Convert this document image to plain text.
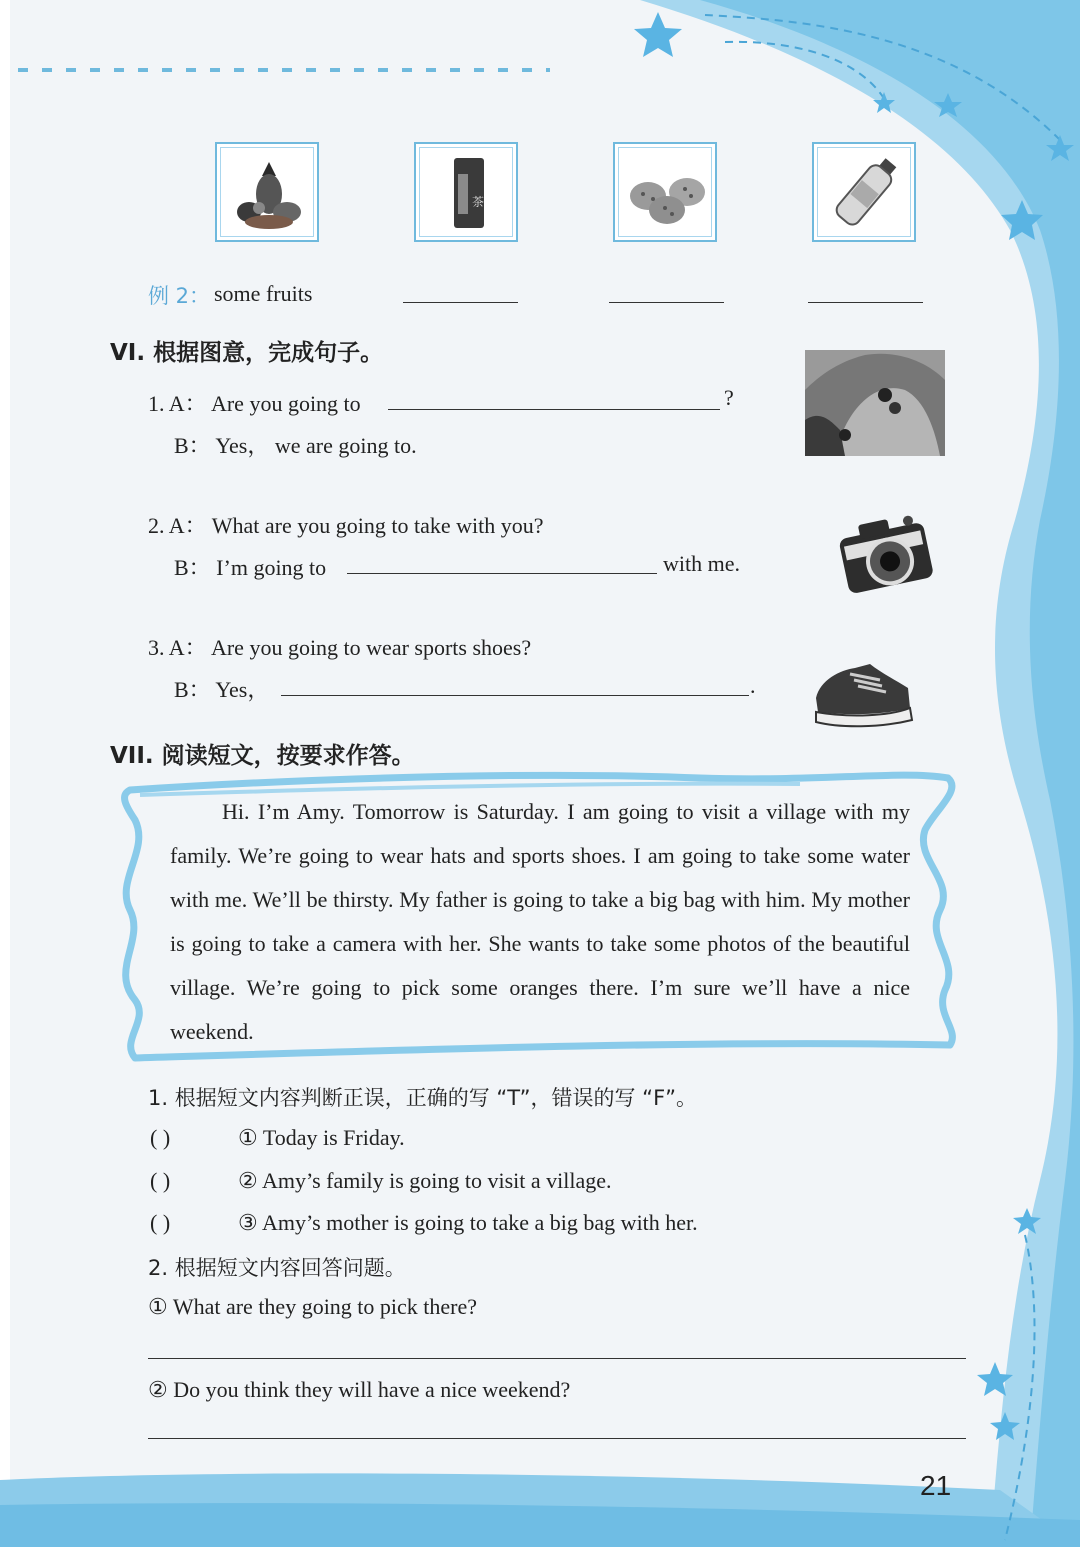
茶
例 2： some fruits
VI. 根据图意，完成句子。
1. A： Are you going to	?
B： Yes， we are going to.
2. A： What are you going to take with you?
B： I’m going to	with me.
3. A： Are you going to wear sports shoes?
B： Yes，	.
VII. 阅读短文，按要求作答。
Hi. I’m Amy. Tomorrow is Saturday. I am going to visit a village with my family. We’re going to wear hats and sports shoes. I am going to take some water with me. We’ll be thirsty. My father is going to take a big bag with him. My mother is going to take a camera with her. She wants to take some photos of the beautiful village. We’re going to pick some oranges there. I’m sure we’ll have a nice weekend.
1. 根据短文内容判断正误，正确的写 “T”，错误的写 “F”。
( )	① Today is Friday.
( )	② Amy’s family is going to visit a village.
( )	③ Amy’s mother is going to take a big bag with her.
2. 根据短文内容回答问题。
① What are they going to pick there?
② Do you think they will have a nice weekend?
21
